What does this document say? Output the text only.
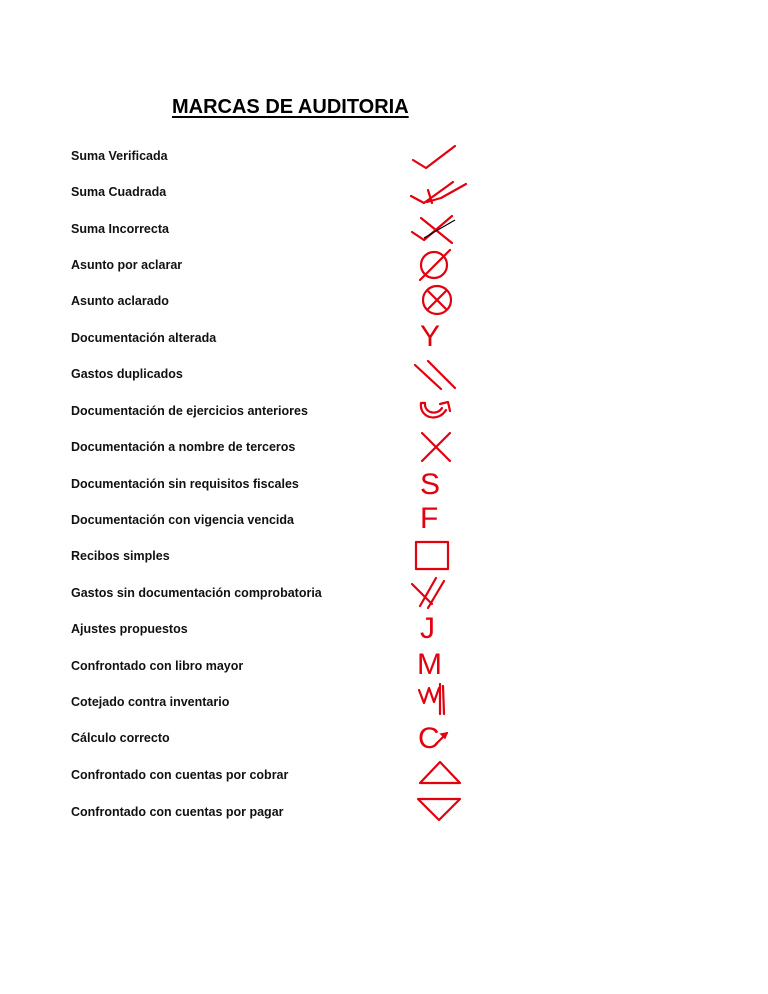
MARCAS DE AUDITORIA
Suma Verificada
Suma Cuadrada
Suma Incorrecta
Asunto por aclarar
Asunto aclarado
Documentación alterada
Gastos duplicados
Documentación de ejercicios anteriores
Documentación a nombre de terceros
Documentación sin requisitos fiscales
Documentación con vigencia vencida
Recibos simples
Gastos sin documentación comprobatoria
Ajustes propuestos
Confrontado con libro mayor
Cotejado contra inventario
Cálculo correcto
Confrontado con cuentas por cobrar
Confrontado con cuentas por pagar
Y
S
F
J
M
C
